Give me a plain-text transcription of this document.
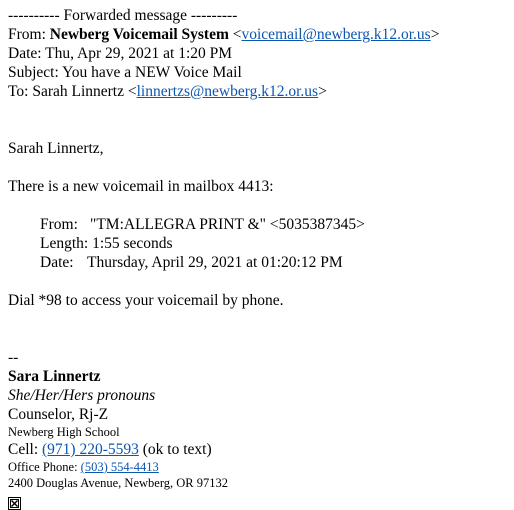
---------- Forwarded message ---------
From: Newberg Voicemail System <voicemail@newberg.k12.or.us>
Date: Thu, Apr 29, 2021 at 1:20 PM
Subject: You have a NEW Voice Mail
To: Sarah Linnertz <linnertzs@newberg.k12.or.us>
Sarah Linnertz,
There is a new voicemail in mailbox 4413:
From: "TM:ALLEGRA PRINT &" <5035387345>
Length: 1:55 seconds
Date: Thursday, April 29, 2021 at 01:20:12 PM
Dial *98 to access your voicemail by phone.
--
Sara Linnertz
She/Her/Hers pronouns
Counselor, Rj-Z
Newberg High School
Cell: (971) 220-5593 (ok to text)
Office Phone: (503) 554-4413
2400 Douglas Avenue, Newberg, OR 97132
